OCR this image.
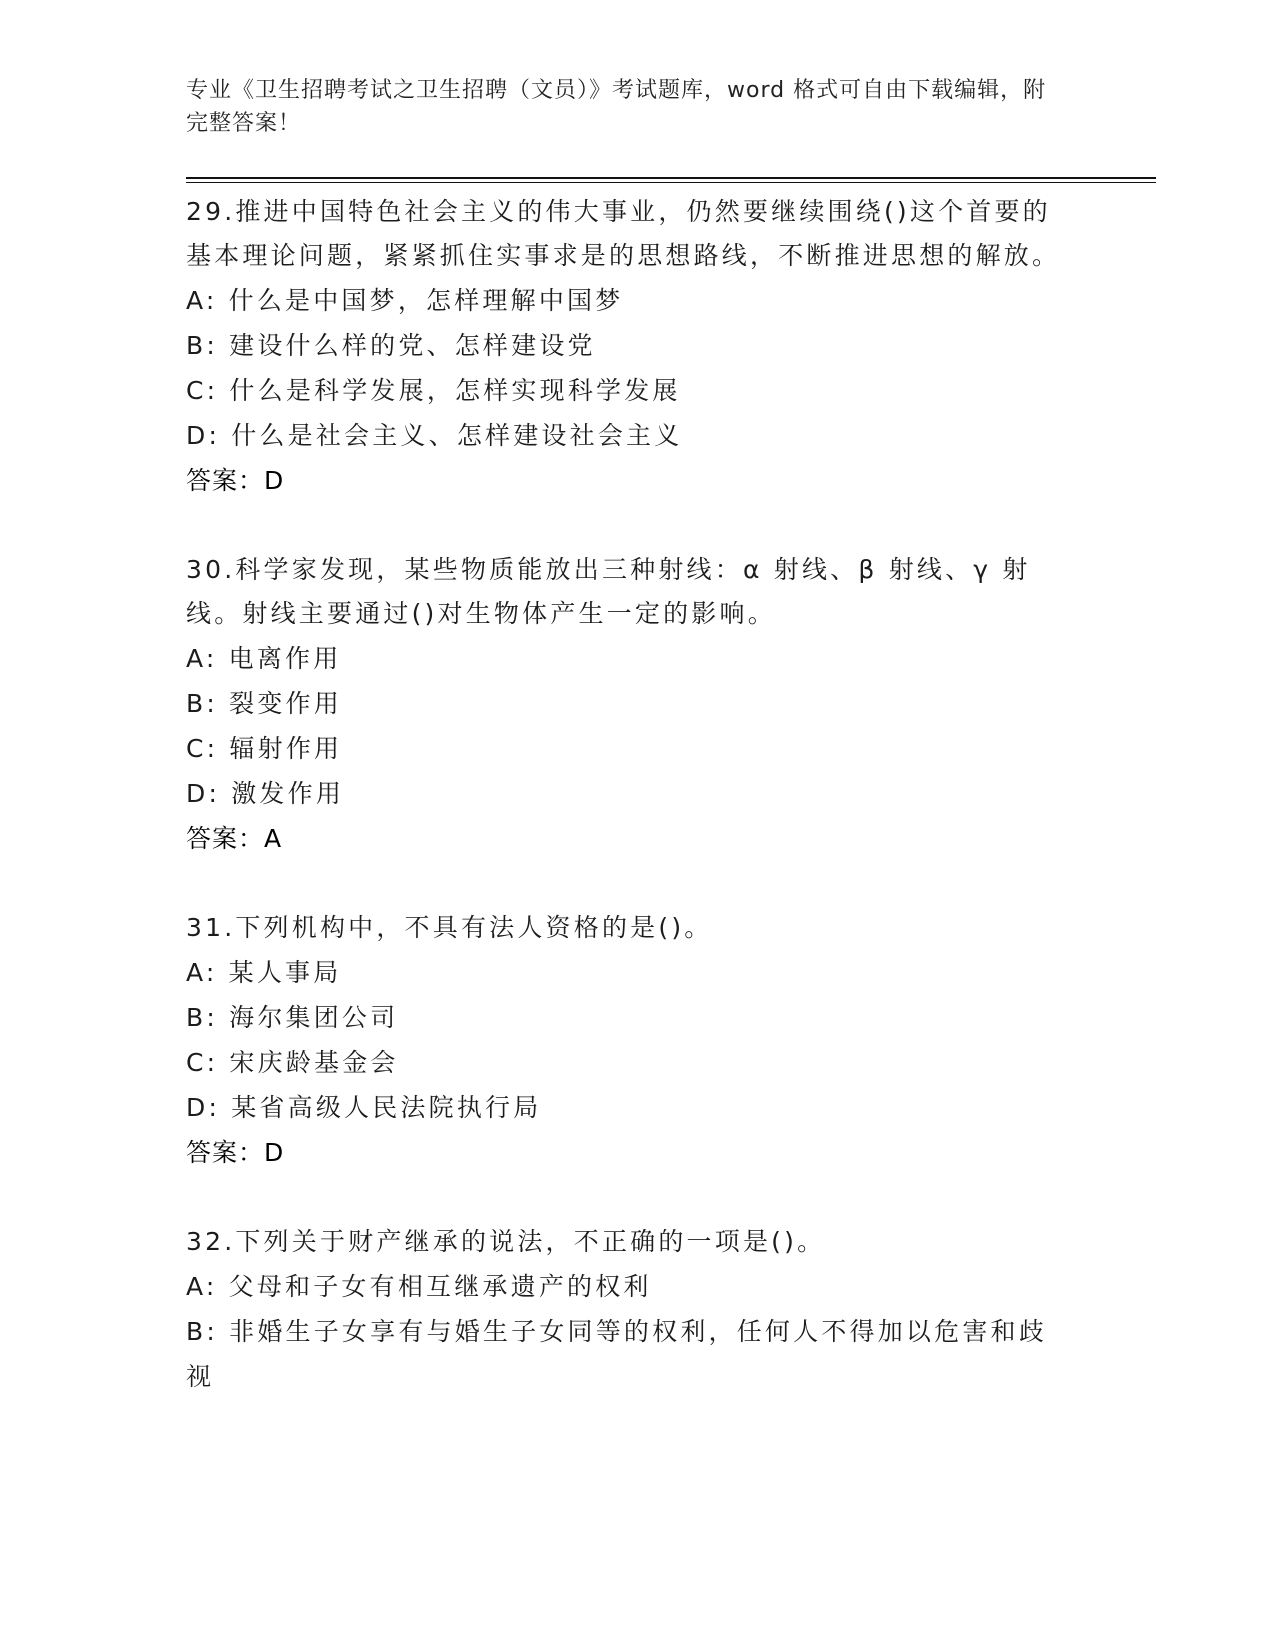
专业《卫生招聘考试之卫生招聘（文员）》考试题库，word 格式可自由下载编辑，附完整答案！

29.推进中国特色社会主义的伟大事业，仍然要继续围绕()这个首要的基本理论问题，紧紧抓住实事求是的思想路线，不断推进思想的解放。

A: 什么是中国梦，怎样理解中国梦

B: 建设什么样的党、怎样建设党

C: 什么是科学发展，怎样实现科学发展

D: 什么是社会主义、怎样建设社会主义

答案：D

30.科学家发现，某些物质能放出三种射线：α 射线、β 射线、γ 射线。射线主要通过()对生物体产生一定的影响。

A: 电离作用

B: 裂变作用

C: 辐射作用

D: 激发作用

答案：A

31.下列机构中，不具有法人资格的是()。

A: 某人事局

B: 海尔集团公司

C: 宋庆龄基金会

D: 某省高级人民法院执行局

答案：D

32.下列关于财产继承的说法，不正确的一项是()。

A: 父母和子女有相互继承遗产的权利

B: 非婚生子女享有与婚生子女同等的权利，任何人不得加以危害和歧视
